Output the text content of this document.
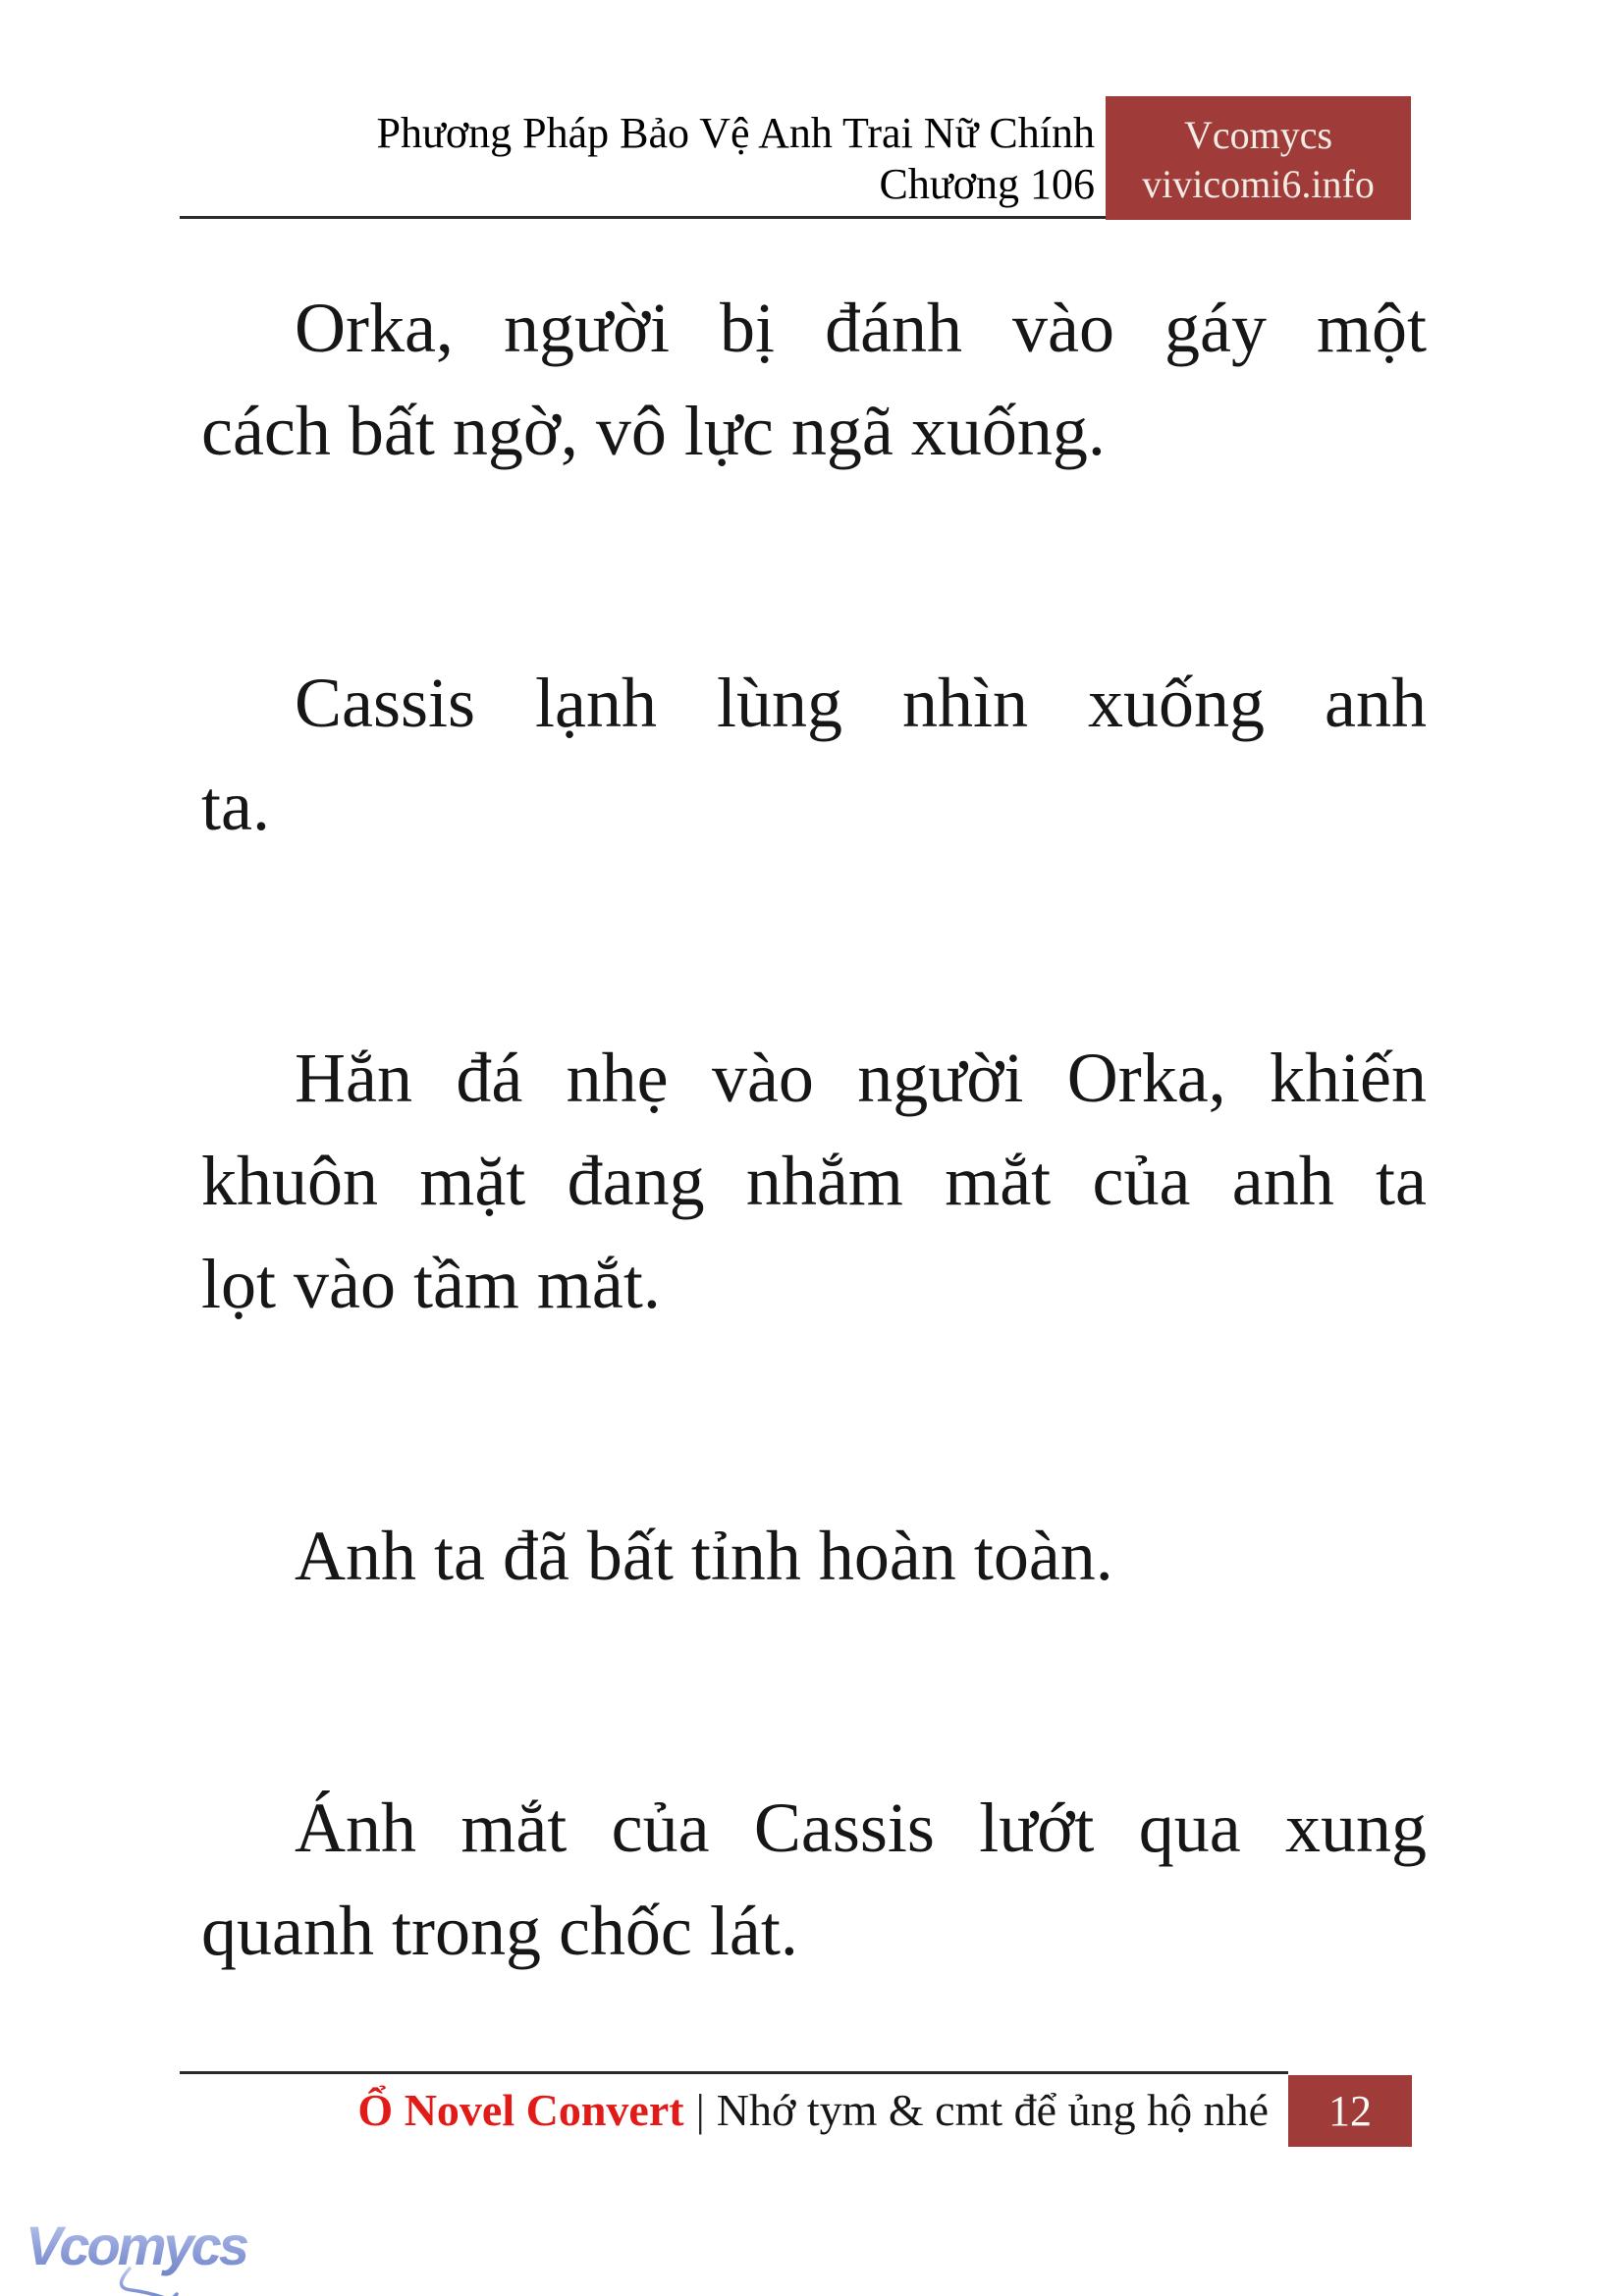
Phương Pháp Bảo Vệ Anh Trai Nữ Chính
Chương 106
Vcomycs
vivicomi6.info
Orka, người bị đánh vào gáy một
cách bất ngờ, vô lực ngã xuống.
Cassis lạnh lùng nhìn xuống anh
ta.
Hắn đá nhẹ vào người Orka, khiến
khuôn mặt đang nhắm mắt của anh ta
lọt vào tầm mắt.
Anh ta đã bất tỉnh hoàn toàn.
Ánh mắt của Cassis lướt qua xung
quanh trong chốc lát.
Ổ Novel Convert | Nhớ tym & cmt để ủng hộ nhé	12
Vcomycs
